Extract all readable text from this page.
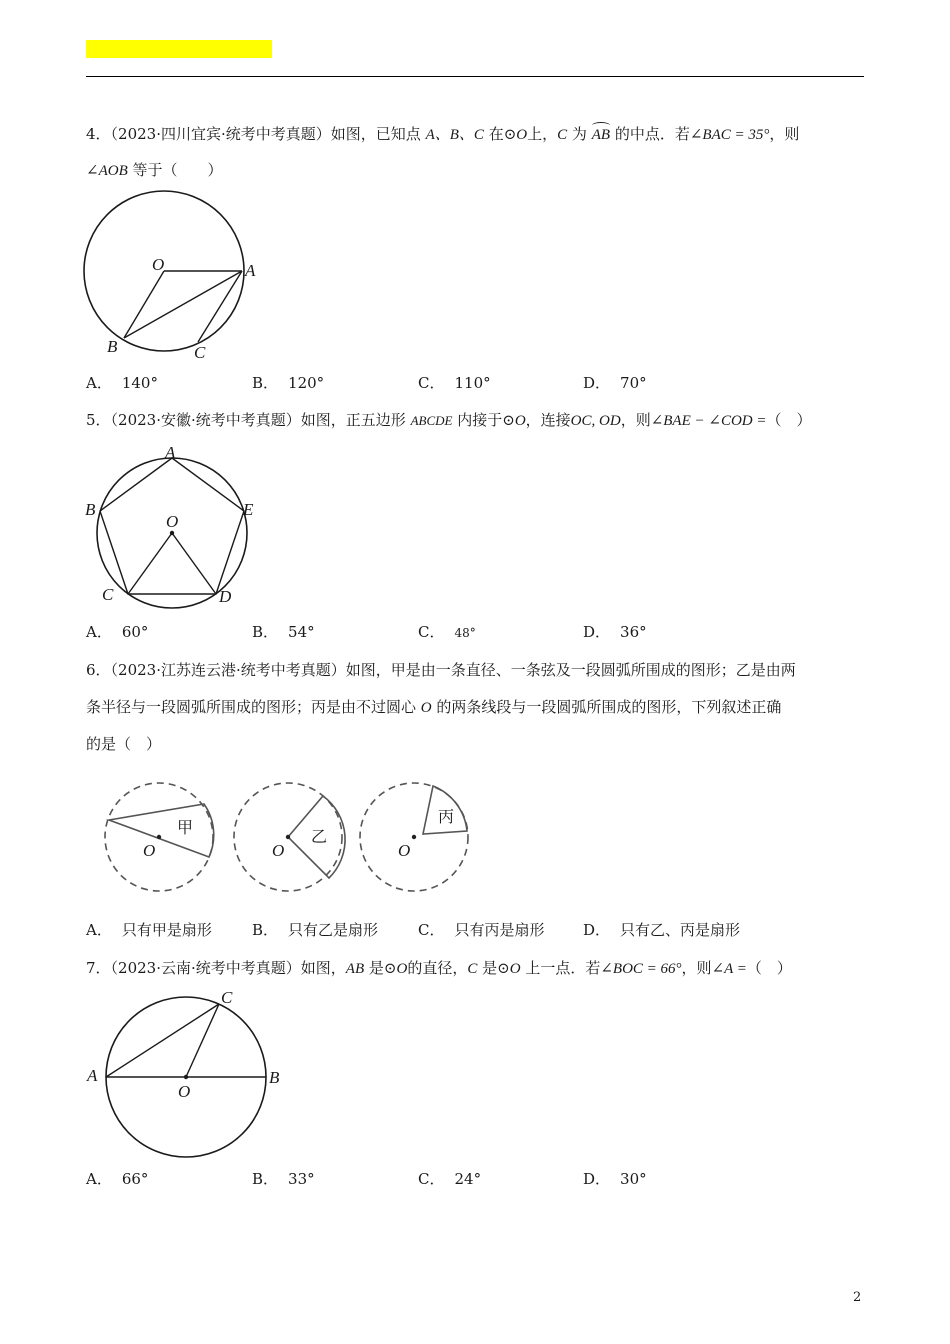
4．（2023·四川宜宾·统考中考真题）如图，已知点 A、B、C 在⊙O上，C 为 AB 的中点．若∠BAC = 35°，则
∠AOB 等于（　　）
O	A
B	C
A． 140°	B． 120°	C． 110°	D． 70°
5．（2023·安徽·统考中考真题）如图，正五边形 ABCDE 内接于⊙O，连接OC, OD，则∠BAE − ∠COD =（　）
A
B
C	D
E
O
A． 60°	B． 54°	C． 48°	D． 36°
6．（2023·江苏连云港·统考中考真题）如图，甲是由一条直径、一条弦及一段圆弧所围成的图形；乙是由两
条半径与一段圆弧所围成的图形；丙是由不过圆心 O 的两条线段与一段圆弧所围成的图形，下列叙述正确
的是（　）
O
甲
O
乙
O
丙
A． 只有甲是扇形	B． 只有乙是扇形	C． 只有丙是扇形	D． 只有乙、丙是扇形
7．（2023·云南·统考中考真题）如图，AB 是⊙O的直径，C 是⊙O 上一点．若∠BOC = 66°，则∠A =（　）
A	B
C
O
A． 66°	B． 33°	C． 24°	D． 30°
2
